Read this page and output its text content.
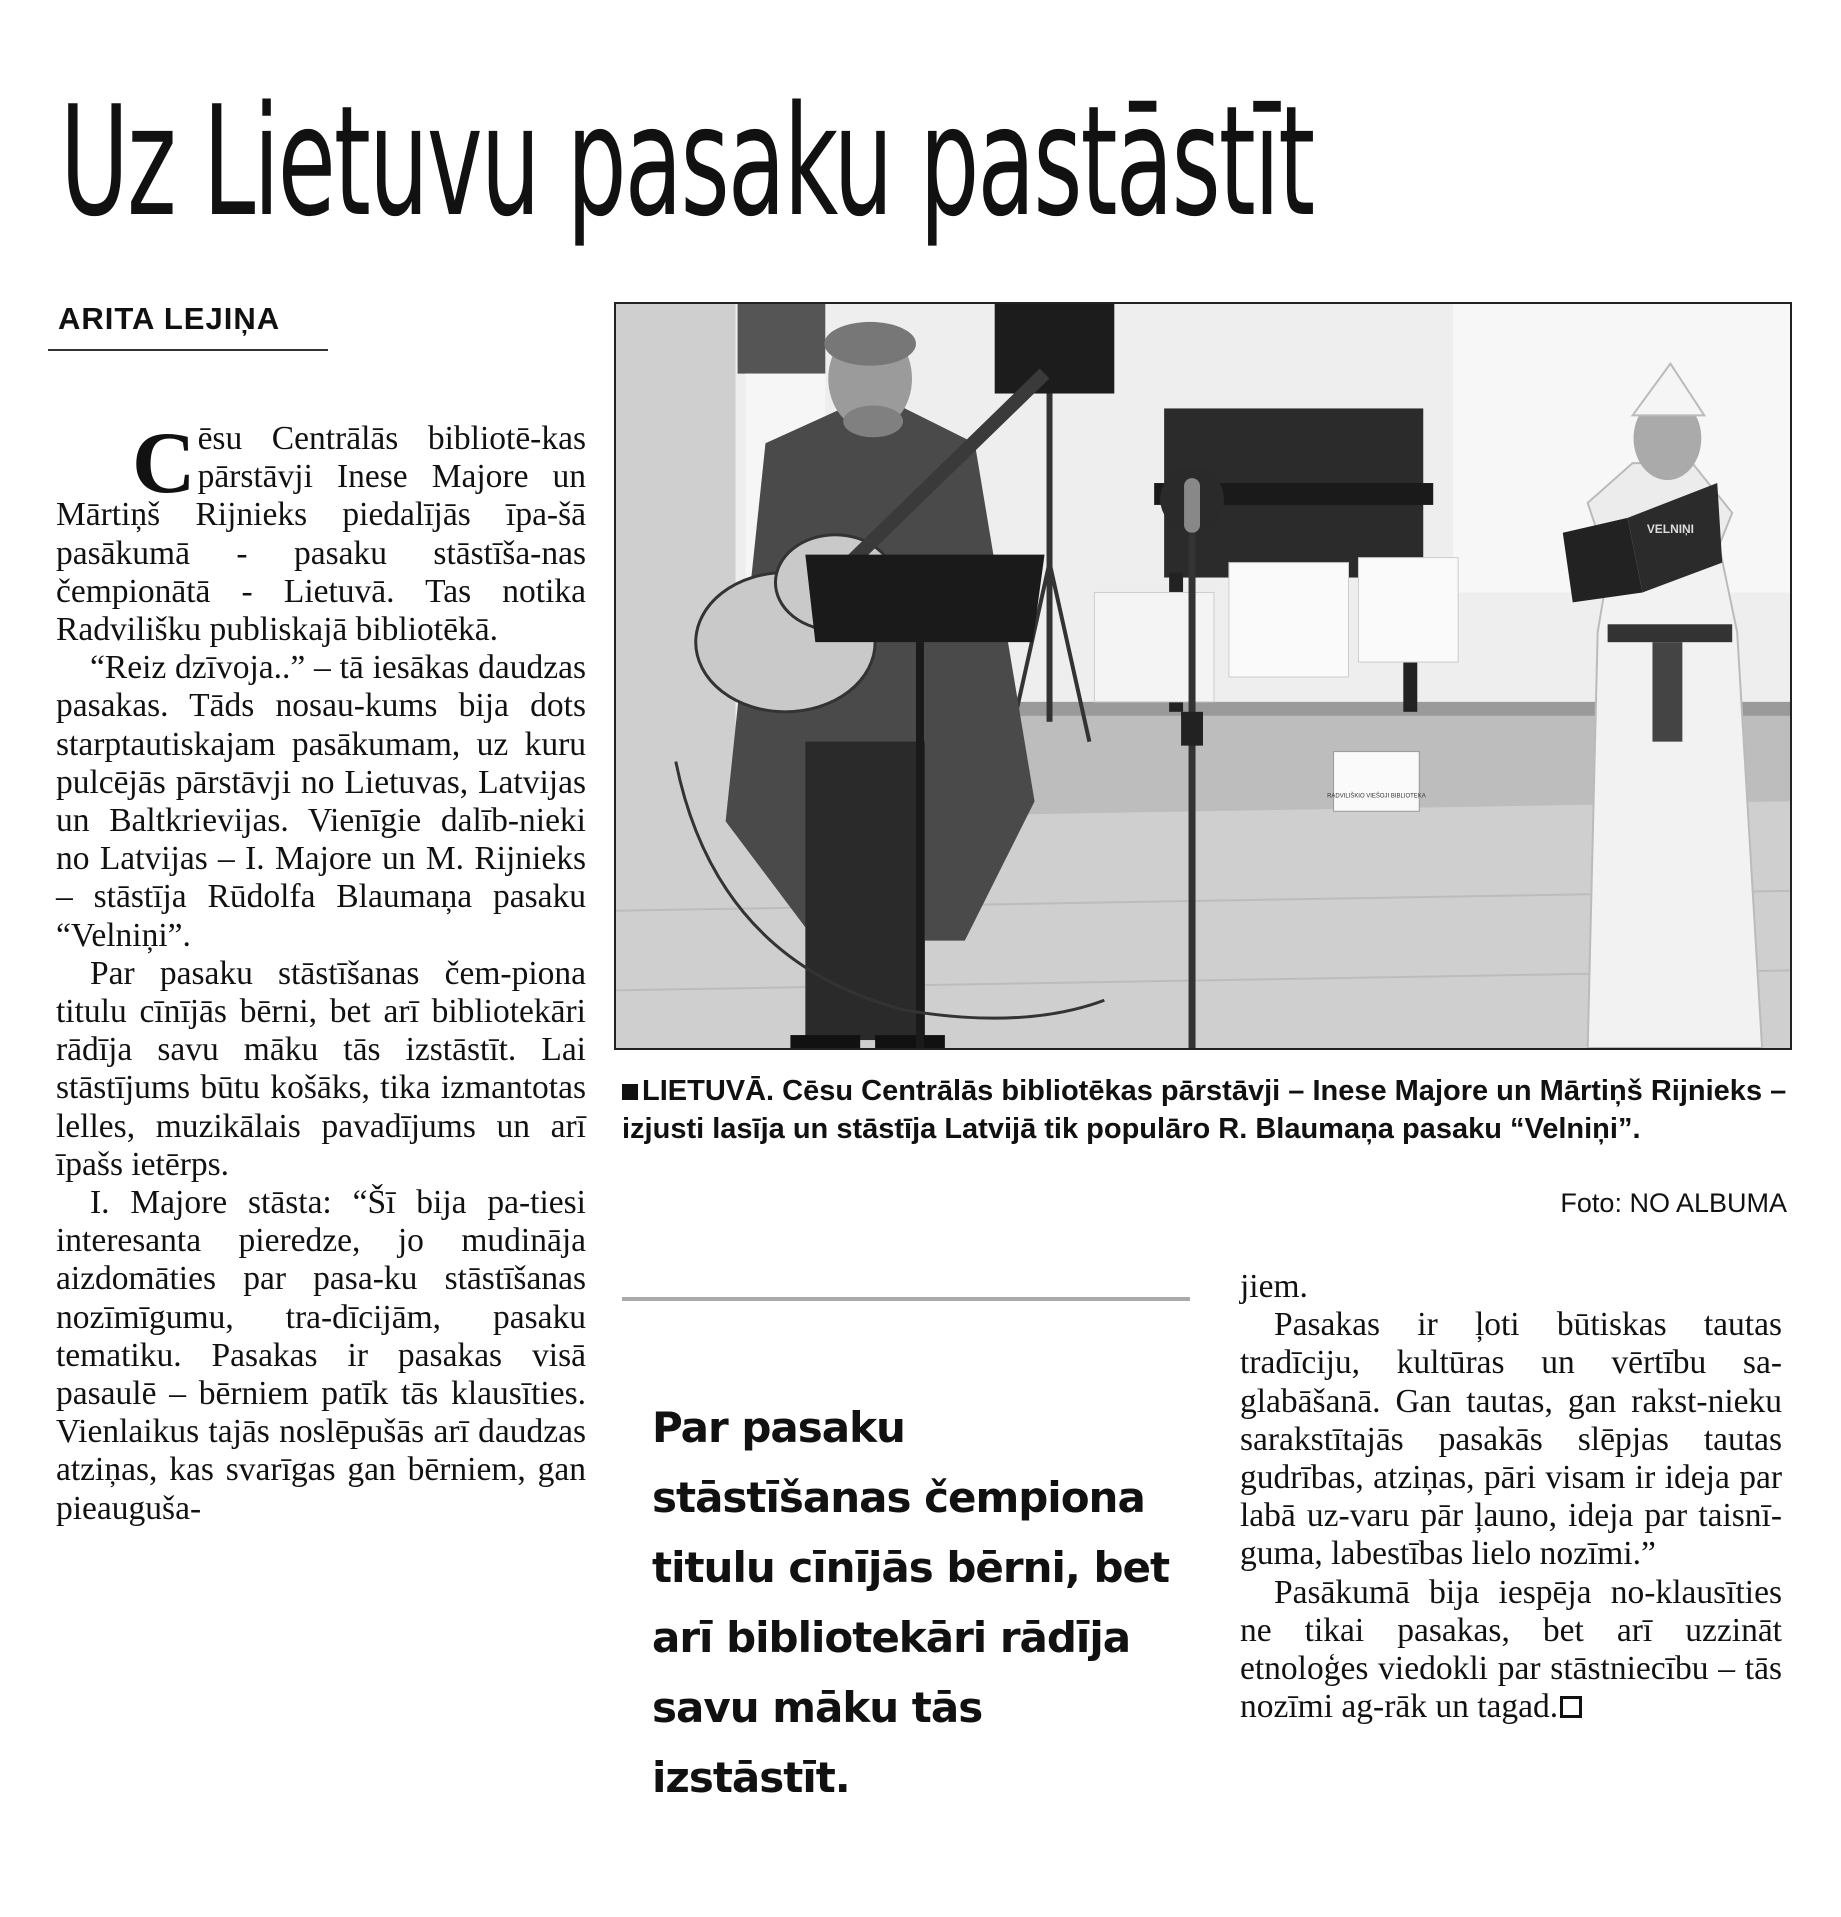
Uz Lietuvu pasaku pastāstīt
ARITA LEJIŅA
C ēsu Centrālās bibliotē-kas pārstāvji Inese Majore un Mārtiņš Rijnieks piedalījās īpa-šā pasākumā - pasaku stāstīša-nas čempionātā - Lietuvā. Tas notika Radvilišku publiskajā bibliotēkā.

“Reiz dzīvoja..” – tā iesākas daudzas pasakas. Tāds nosau-kums bija dots starptautiskajam pasākumam, uz kuru pulcējās pārstāvji no Lietuvas, Latvijas un Baltkrievijas. Vienīgie dalīb-nieki no Latvijas – I. Majore un M. Rijnieks – stāstīja Rūdolfa Blaumaņa pasaku “Velniņi”.

Par pasaku stāstīšanas čem-piona titulu cīnījās bērni, bet arī bibliotekāri rādīja savu māku tās izstāstīt. Lai stāstījums būtu košāks, tika izmantotas lelles, muzikālais pavadījums un arī īpašs ietērps.

I. Majore stāsta: “Šī bija pa-tiesi interesanta pieredze, jo mudināja aizdomāties par pasa-ku stāstīšanas nozīmīgumu, tra-dīcijām, pasaku tematiku. Pasakas ir pasakas visā pasaulē – bērniem patīk tās klausīties. Vienlaikus tajās noslēpušās arī daudzas atziņas, kas svarīgas gan bērniem, gan pieauguša-

RADVILIŠKIO VIEŠOJI BIBLIOTEKA
VELNIŅI
LIETUVĀ. Cēsu Centrālās bibliotēkas pārstāvji – Inese Majore un Mārtiņš Rijnieks – izjusti lasīja un stāstīja Latvijā tik populāro R. Blaumaņa pasaku “Velniņi”.
Foto: NO ALBUMA
Par pasaku stāstīšanas čempiona titulu cīnījās bērni, bet arī bibliotekāri rādīja savu māku tās izstāstīt.

jiem.

Pasakas ir ļoti būtiskas tautas tradīciju, kultūras un vērtību sa-glabāšanā. Gan tautas, gan rakst-nieku sarakstītajās pasakās slēpjas tautas gudrības, atziņas, pāri visam ir ideja par labā uz-varu pār ļauno, ideja par taisnī-guma, labestības lielo nozīmi.”

Pasākumā bija iespēja no-klausīties ne tikai pasakas, bet arī uzzināt etnoloģes viedokli par stāstniecību – tās nozīmi ag-rāk un tagad.
